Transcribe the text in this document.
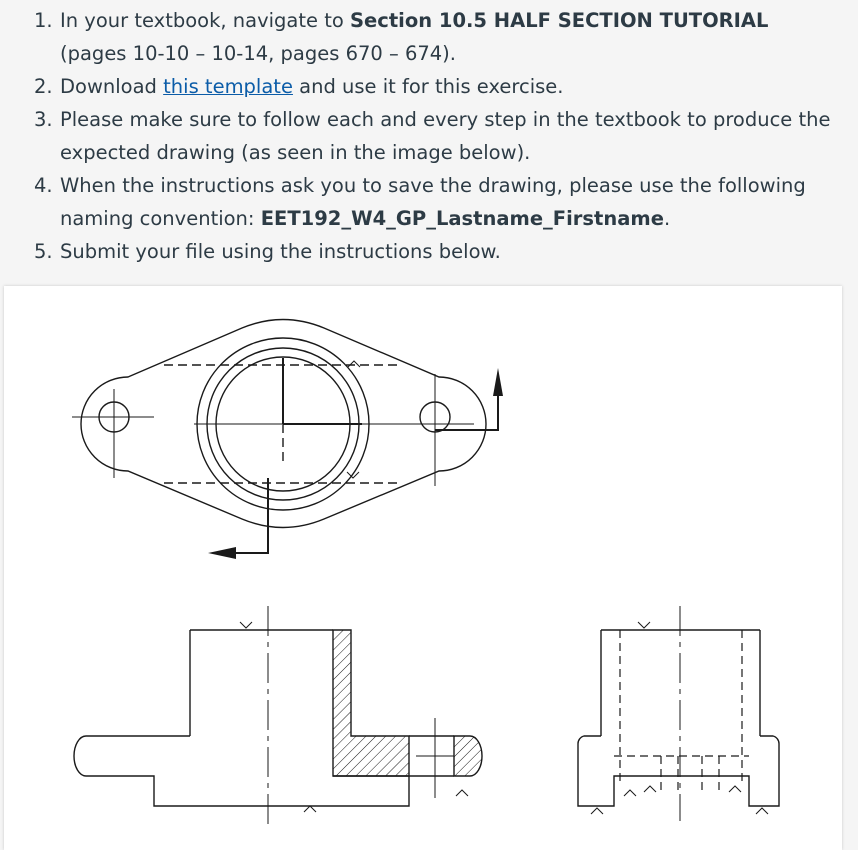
1. In your textbook, navigate to Section 10.5 HALF SECTION TUTORIAL (pages 10-10 – 10-14, pages 670 – 674).
2. Download this template and use it for this exercise.
3. Please make sure to follow each and every step in the textbook to produce the expected drawing (as seen in the image below).
4. When the instructions ask you to save the drawing, please use the following naming convention: EET192_W4_GP_Lastname_Firstname.
5. Submit your file using the instructions below.
